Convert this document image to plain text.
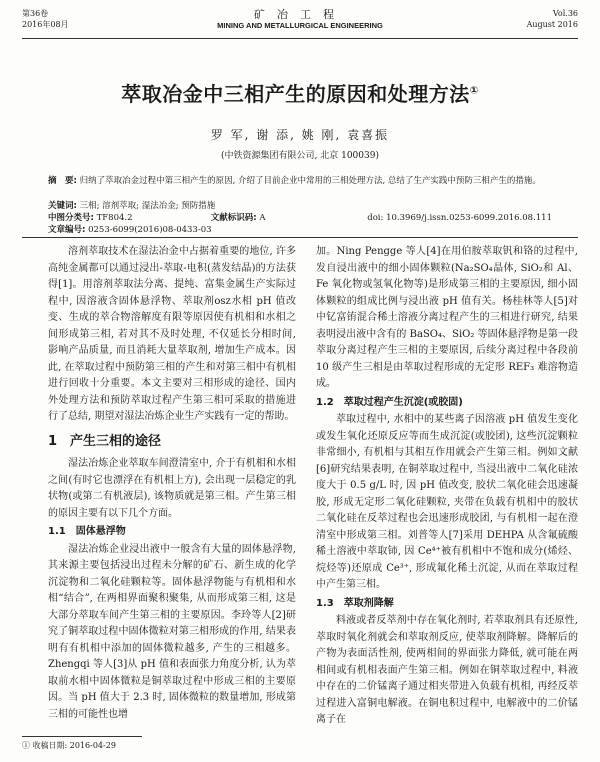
第36卷
2016年08月
矿冶工程
MINING AND METALLURGICAL ENGINEERING
Vol.36
August 2016
萃取冶金中三相产生的原因和处理方法①
罗 军, 谢 添, 姚 刚, 袁喜振
(中铁资源集团有限公司, 北京 100039)
摘　要: 归纳了萃取冶金过程中第三相产生的原因, 介绍了目前企业中常用的三相处理方法, 总结了生产实践中预防三相产生的措施。
关键词: 三相; 溶剂萃取; 湿法冶金; 预防措施
中图分类号: TF804.2	文献标识码: A	doi: 10.3969/j.issn.0253-6099.2016.08.111
文章编号: 0253-6099(2016)08-0433-03

溶剂萃取技术在湿法冶金中占据着重要的地位, 许多高纯金属都可以通过浸出-萃取-电积(蒸发结晶)的方法获得[1]。用溶剂萃取法分离、提纯、富集金属生产实际过程中, 因溶液含固体悬浮物、萃取剂osz水相 pH 值改变、生成的萃合物溶解度有限等原因使有机相和水相之间形成第三相, 若对其不及时处理, 不仅延长分相时间, 影响产品质量, 而且消耗大量萃取剂, 增加生产成本。因此, 在萃取过程中预防第三相的产生和对第三相中有机相进行回收十分重要。本文主要对三相形成的途径、国内外处理方法和预防萃取过程产生第三相可采取的措施进行了总结, 期望对湿法冶炼企业生产实践有一定的帮助。

1　产生三相的途径

湿法冶炼企业萃取车间澄清室中, 介于有机相和水相之间(有时它也漂浮在有机相上方), 会出现一层稳定的乳状物(或第二有机液层), 该物质就是第三相。产生第三相的原因主要有以下几个方面。

1.1　固体悬浮物

湿法冶炼企业浸出液中一般含有大量的固体悬浮物, 其来源主要包括浸出过程未分解的矿石、新生成的化学沉淀物和二氧化硅颗粒等。固体悬浮物能与有机相和水相“结合”, 在两相界面聚积聚集, 从而形成第三相, 这是大部分萃取车间产生第三相的主要原因。李玲等人[2]研究了铜萃取过程中固体微粒对第三相形成的作用, 结果表明有有机相中添加的固体微粒越多, 产生的三相越多。Zhengqi 等人[3]从 pH 值和表面张力角度分析, 认为萃取前水相中固体微粒是铜萃取过程中形成三相的主要原因。当 pH 值大于 2.3 时, 固体微粒的数量增加, 形成第三相的可能性也增

加。Ning Pengge 等人[4]在用伯胺萃取钒和铬的过程中, 发自浸出液中的细小固体颗粒(Na₂SO₄晶体, SiO₂和 Al、Fe 氧化物或氢氧化物等)是形成第三相的主要原因, 细小固体颗粒的组成比例与浸出液 pH 值有关。杨桂林等人[5]对中钇富铕混合稀土溶液分离过程产生的三相进行研究, 结果表明浸出液中含有的 BaSO₄、SiO₂ 等固体悬浮物是第一段萃取分离过程产生三相的主要原因, 后续分离过程中各段前 10 级产生三相是由萃取过程形成的无定形 REF₃ 难溶物造成。

1.2　萃取过程产生沉淀(或胶固)

萃取过程中, 水相中的某些离子因溶液 pH 值发生变化或发生氧化还原反应等而生成沉淀(或胶团), 这些沉淀颗粒非常细小, 有机相与其相互作用就会产生第三相。例如文献[6]研究结果表明, 在铜萃取过程中, 当浸出液中二氧化硅浓度大于 0.5 g/L 时, 因 pH 值改变, 胶状二氧化硅会迅速凝胶, 形成无定形二氧化硅颗粒, 夹带在负载有机相中的胶状二氧化硅在反萃过程也会迅速形成胶团, 与有机相一起在澄清室中形成第三相。刘普等人[7]采用 DEHPA 从含氟硫酸稀土溶液中萃取铈, 因 Ce⁴⁺被有机相中不饱和成分(烯烃、烷烃等)还原成 Ce³⁺, 形成氟化稀土沉淀, 从而在萃取过程中产生第三相。

1.3　萃取剂降解

料液或者反萃剂中存在氧化剂时, 若萃取剂具有还原性, 萃取时氧化剂就会和萃取剂反应, 使萃取剂降解。降解后的产物为表面活性剂, 使两相间的界面张力降低, 就可能在两相间或有机相表面产生第三相。例如在铜萃取过程中, 料液中存在的二价锰离子通过相夹带进入负载有机相, 再经反萃过程进入富铜电解液。在铜电积过程中, 电解液中的二价锰离子在

① 收稿日期: 2016-04-29
